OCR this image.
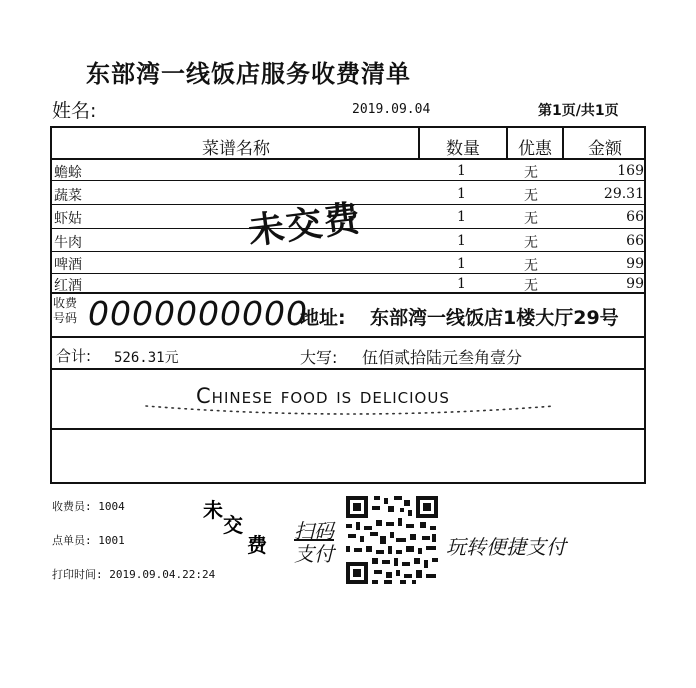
东部湾一线饭店服务收费清单
姓名:	2019.09.04	第1页/共1页
菜谱名称	数量	优惠	金额
蟾蜍	1	无	169
蔬菜	1	无	29.31
虾姑	1	无	66
牛肉	1	无	66
啤酒	1	无	99
红酒	1	无	99
未交费
收费
号码 0000000000
地址: 东部湾一线饭店1楼大厅29号
合计: 526.31元	大写: 伍佰贰拾陆元叁角壹分
Chinese food is delicious
收费员: 1004
点单员: 1001
打印时间: 2019.09.04.22:24
未
交
费
扫码
支付	玩转便捷支付
